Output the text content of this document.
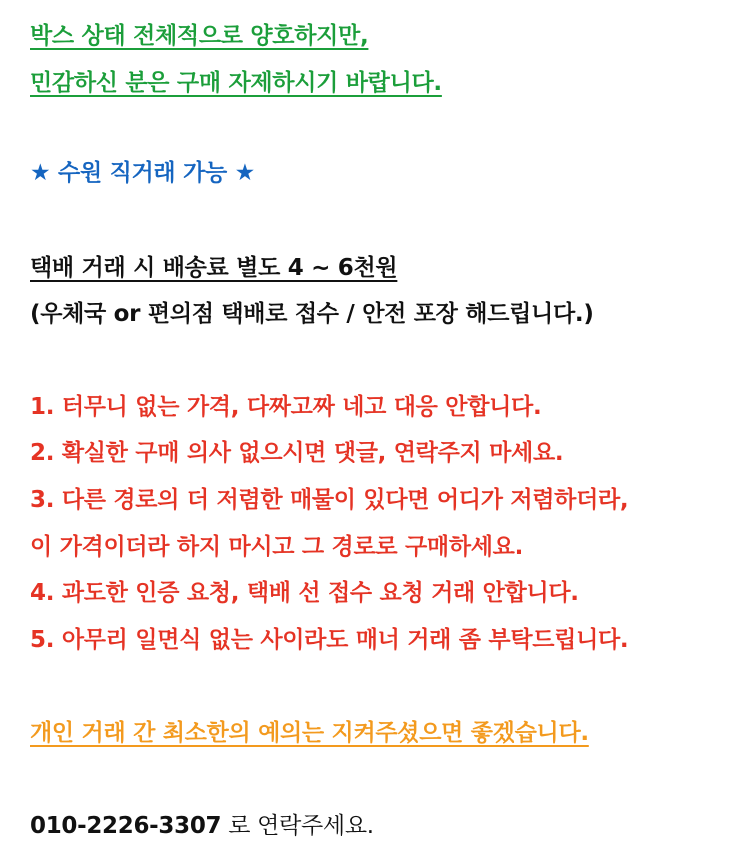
박스 상태 전체적으로 양호하지만,
민감하신 분은 구매 자제하시기 바랍니다.
★ 수원 직거래 가능 ★
택배 거래 시 배송료 별도 4 ~ 6천원
(우체국 or 편의점 택배로 접수 / 안전 포장 해드립니다.)
1. 터무니 없는 가격, 다짜고짜 네고 대응 안합니다.
2. 확실한 구매 의사 없으시면 댓글, 연락주지 마세요.
3. 다른 경로의 더 저렴한 매물이 있다면 어디가 저렴하더라,
이 가격이더라 하지 마시고 그 경로로 구매하세요.
4. 과도한 인증 요청, 택배 선 접수 요청 거래 안합니다.
5. 아무리 일면식 없는 사이라도 매너 거래 좀 부탁드립니다.
개인 거래 간 최소한의 예의는 지켜주셨으면 좋겠습니다.
010-2226-3307 로 연락주세요.
